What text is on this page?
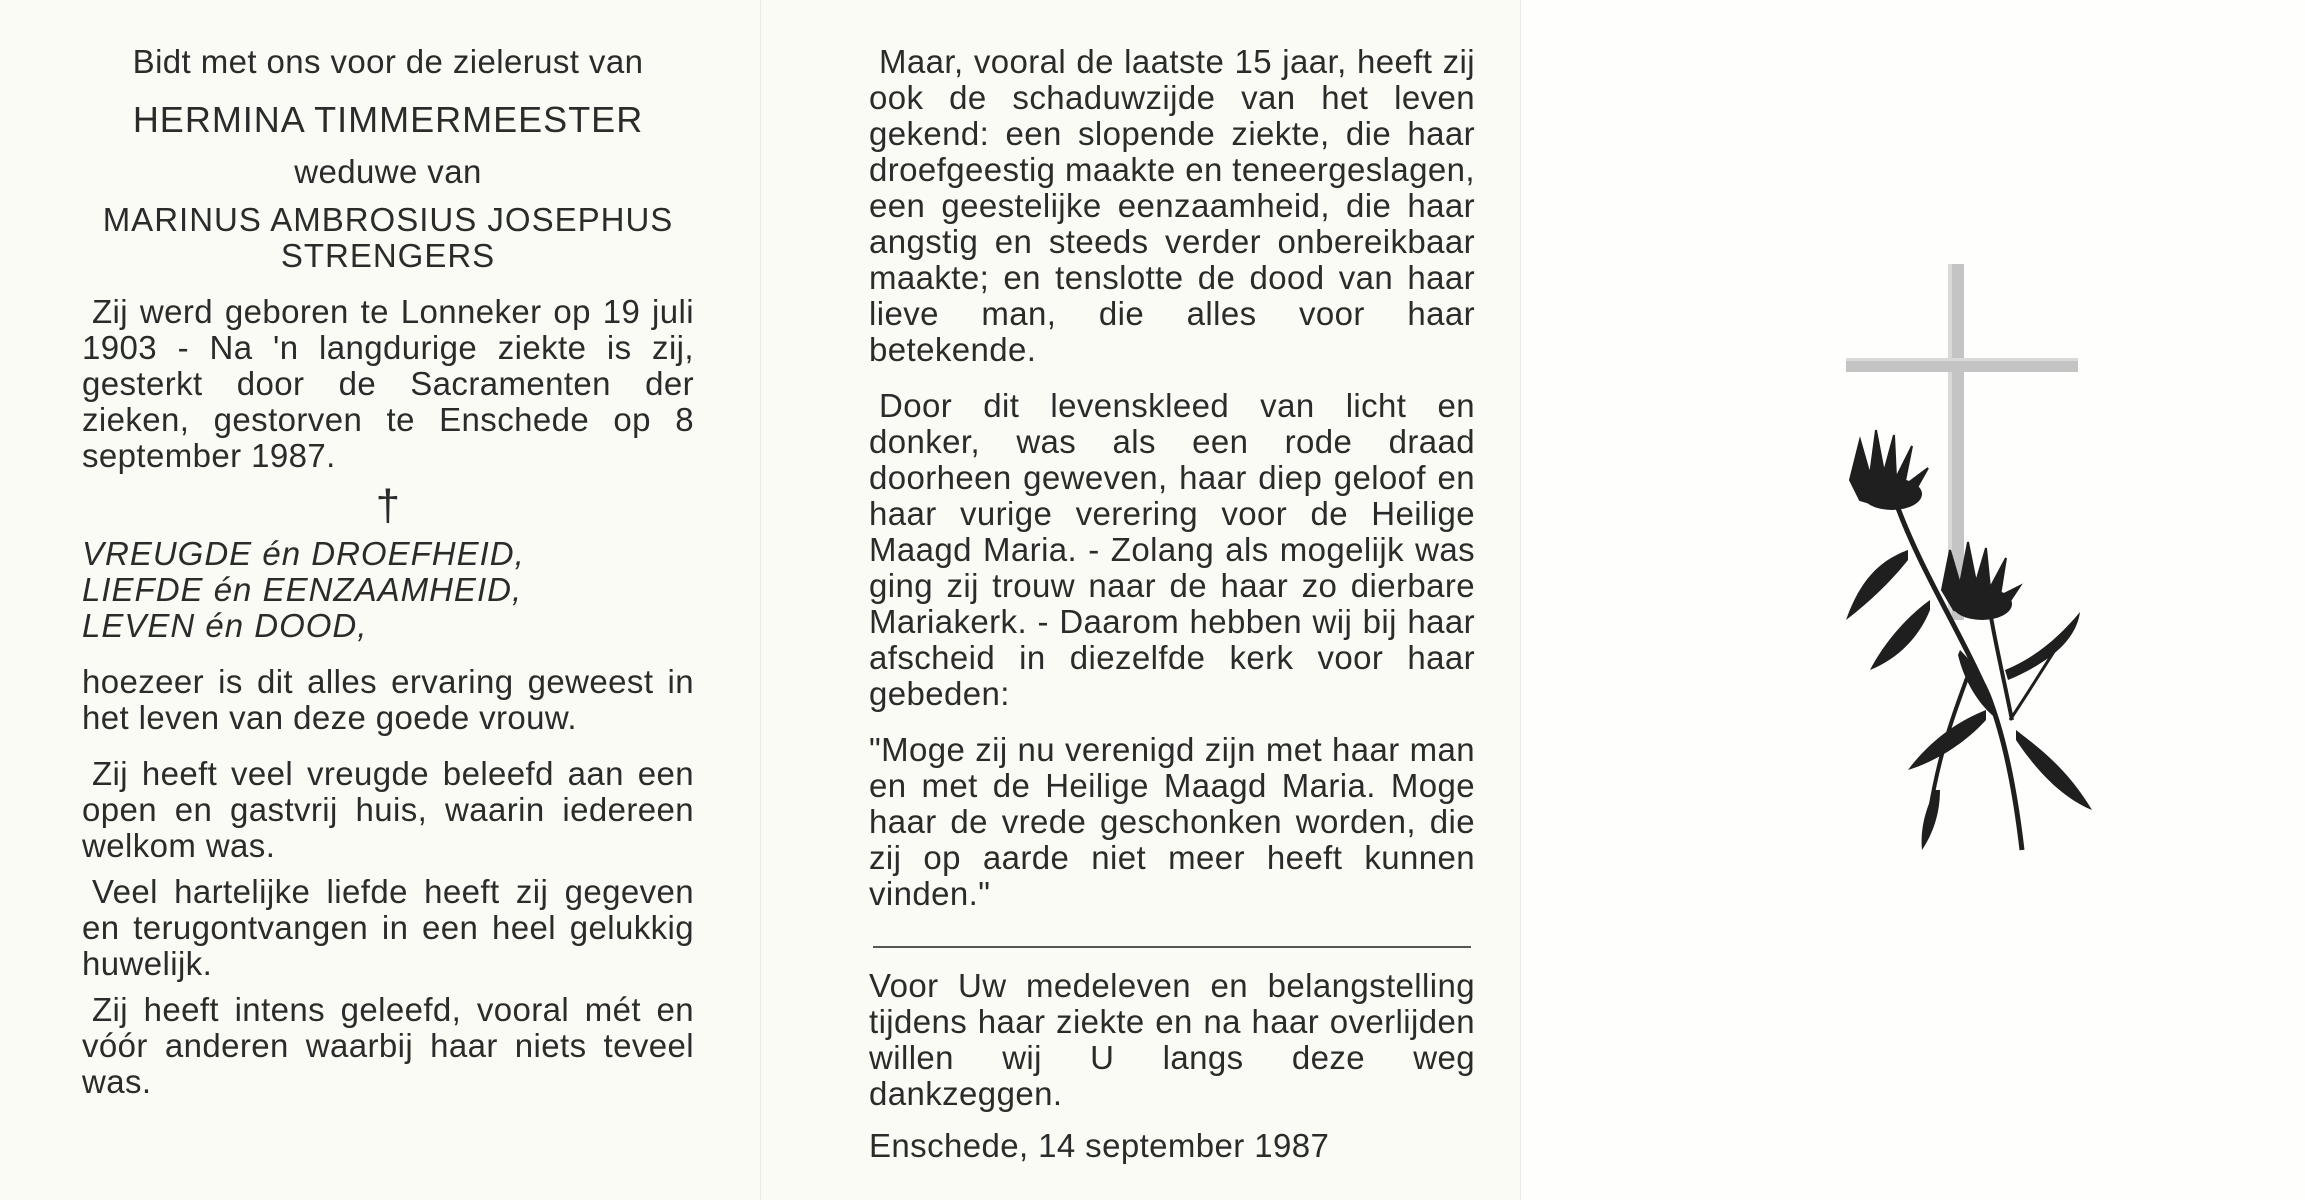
Bidt met ons voor de zielerust van
HERMINA TIMMERMEESTER
weduwe van
MARINUS AMBROSIUS JOSEPHUS
STRENGERS
Zij werd geboren te Lonneker op 19 juli 1903 - Na 'n langdurige ziekte is zij, gesterkt door de Sacramenten der zieken, gestorven te Enschede op 8 september 1987.
†
VREUGDE én DROEFHEID,
LIEFDE én EENZAAMHEID,
LEVEN én DOOD,
hoezeer is dit alles ervaring geweest in het leven van deze goede vrouw.
Zij heeft veel vreugde beleefd aan een open en gastvrij huis, waarin iedereen welkom was.
Veel hartelijke liefde heeft zij gegeven en terugontvangen in een heel gelukkig huwelijk.
Zij heeft intens geleefd, vooral mét en vóór anderen waarbij haar niets teveel was.
Maar, vooral de laatste 15 jaar, heeft zij ook de schaduwzijde van het leven gekend: een slopende ziekte, die haar droefgeestig maakte en teneergeslagen, een geestelijke eenzaamheid, die haar angstig en steeds verder onbereikbaar maakte; en tenslotte de dood van haar lieve man, die alles voor haar betekende.
Door dit levenskleed van licht en donker, was als een rode draad doorheen geweven, haar diep geloof en haar vurige verering voor de Heilige Maagd Maria. - Zolang als mogelijk was ging zij trouw naar de haar zo dierbare Mariakerk. - Daarom hebben wij bij haar afscheid in diezelfde kerk voor haar gebeden:
"Moge zij nu verenigd zijn met haar man en met de Heilige Maagd Maria. Moge haar de vrede geschonken worden, die zij op aarde niet meer heeft kunnen vinden."
Voor Uw medeleven en belangstelling tijdens haar ziekte en na haar overlijden willen wij U langs deze weg dankzeggen.
Enschede, 14 september 1987
